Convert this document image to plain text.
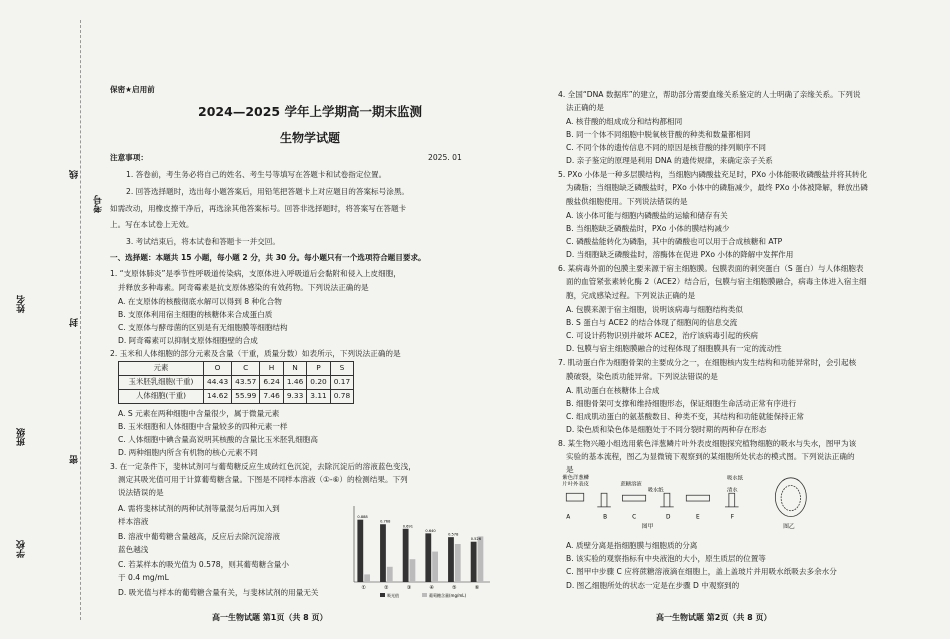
考号
线
姓名
封
班级
密
学校
保密★启用前
2024—2025 学年上学期高一期末监测
生物学试题
注意事项：	2025. 01
1. 答卷前，考生务必将自己的姓名、考生号等填写在答题卡和试卷指定位置。
2. 回答选择题时，选出每小题答案后，用铅笔把答题卡上对应题目的答案标号涂黑。
如需改动，用橡皮擦干净后，再选涂其他答案标号。回答非选择题时，将答案写在答题卡
上。写在本试卷上无效。
3. 考试结束后，将本试卷和答题卡一并交回。
一、选择题：本题共 15 小题，每小题 2 分，共 30 分。每小题只有一个选项符合题目要求。
1. “支原体肺炎”是季节性呼吸道传染病，支原体进入呼吸道后会黏附和侵入上皮细胞，
并释放多种毒素。阿奇霉素是抗支原体感染的有效药物。下列说法正确的是
A. 在支原体的核酸彻底水解可以得到 8 种化合物
B. 支原体利用宿主细胞的核糖体来合成蛋白质
C. 支原体与酵母菌的区别是有无细胞膜等细胞结构
D. 阿奇霉素可以抑制支原体细胞壁的合成
2. 玉米和人体细胞的部分元素及含量（干重，质量分数）如表所示，下列说法正确的是
元素	O	C	H	N	P	S
玉米胚乳细胞(干重)	44.43	43.57	6.24	1.46	0.20	0.17
人体细胞(干重)	14.62	55.99	7.46	9.33	3.11	0.78
A. S 元素在两种细胞中含量很少，属于微量元素
B. 玉米细胞和人体细胞中含量较多的四种元素一样
C. 人体细胞中碘含量高说明其核酸的含量比玉米胚乳细胞高
D. 两种细胞内所含有机物的核心元素不同
3. 在一定条件下，斐林试剂可与葡萄糖反应生成砖红色沉淀，去除沉淀后的溶液蓝色变浅，
测定其吸光值可用于计算葡萄糖含量。下图是不同样本溶液（①-⑥）的检测结果。下列
说法错误的是
A. 需将斐林试剂的两种试剂等量混匀后再加入到
样本溶液
B. 溶液中葡萄糖含量越高，反应后去除沉淀溶液
蓝色越浅
C. 若某样本的吸光值为 0.578，则其葡萄糖含量小
于 0.4 mg/mL
D. 吸光值与样本的葡萄糖含量有关，与斐林试剂的用量无关
0.888
①
0.768
②
0.691
③
0.640
④
0.578
⑤
0.526
⑥
吸光值	葡萄糖含量(mg/mL)
高一生物试题 第1页（共 8 页）
4. 全国“DNA 数据库”的建立，帮助部分需要血缘关系鉴定的人士明确了亲缘关系。下列说
法正确的是
A. 核苷酸的组成成分和结构都相同
B. 同一个体不同细胞中脱氧核苷酸的种类和数量都相同
C. 不同个体的遗传信息不同的原因是核苷酸的排列顺序不同
D. 亲子鉴定的原理是利用 DNA 的遗传规律，来确定亲子关系
5. PXo 小体是一种多层膜结构，当细胞内磷酸盐充足时，PXo 小体能吸收磷酸盐并将其转化
为磷脂；当细胞缺乏磷酸盐时，PXo 小体中的磷脂减少，最终 PXo 小体被降解，释放出磷
酸盐供细胞使用。下列说法错误的是
A. 该小体可能与细胞内磷酸盐的运输和储存有关
B. 当细胞缺乏磷酸盐时，PXo 小体的膜结构减少
C. 磷酸盐能转化为磷脂，其中的磷酸也可以用于合成核糖和 ATP
D. 当细胞缺乏磷酸盐时，溶酶体在促进 PXo 小体的降解中发挥作用
6. 某病毒外面的包膜主要来源于宿主细胞膜。包膜表面的刺突蛋白（S 蛋白）与人体细胞表
面的血管紧张素转化酶 2（ACE2）结合后，包膜与宿主细胞膜融合，病毒主体进入宿主细
胞，完成感染过程。下列说法正确的是
A. 包膜来源于宿主细胞，说明该病毒与细胞结构类似
B. S 蛋白与 ACE2 的结合体现了细胞间的信息交流
C. 可设计药物识别并破坏 ACE2，治疗该病毒引起的疾病
D. 包膜与宿主细胞膜融合的过程体现了细胞膜具有一定的流动性
7. 肌动蛋白作为细胞骨架的主要成分之一，在细胞核内发生结构和功能异常时，会引起核
膜破裂，染色质功能异常。下列说法错误的是
A. 肌动蛋白在核糖体上合成
B. 细胞骨架可支撑和维持细胞形态，保证细胞生命活动正常有序进行
C. 组成肌动蛋白的氨基酸数目、种类不变，其结构和功能就能保持正常
D. 染色质和染色体是细胞处于不同分裂时期的两种存在形态
8. 某生物兴趣小组选用紫色洋葱鳞片叶外表皮细胞探究植物细胞的吸水与失水，图甲为该
实验的基本流程，图乙为显微镜下观察到的某细胞所处状态的模式图。下列说法正确的
是
紫色洋葱鳞
片叶外表皮	蔗糖溶液
吸水纸	清水
吸水纸
A	B	C	D	E	F
图甲	图乙
A. 质壁分离是指细胞膜与细胞质的分离
B. 该实验的观察指标有中央液泡的大小，原生质层的位置等
C. 图甲中步骤 C 应将蔗糖溶液滴在细胞上，盖上盖玻片并用吸水纸吸去多余水分
D. 图乙细胞所处的状态一定是在步骤 D 中观察到的
高一生物试题 第2页（共 8 页）
